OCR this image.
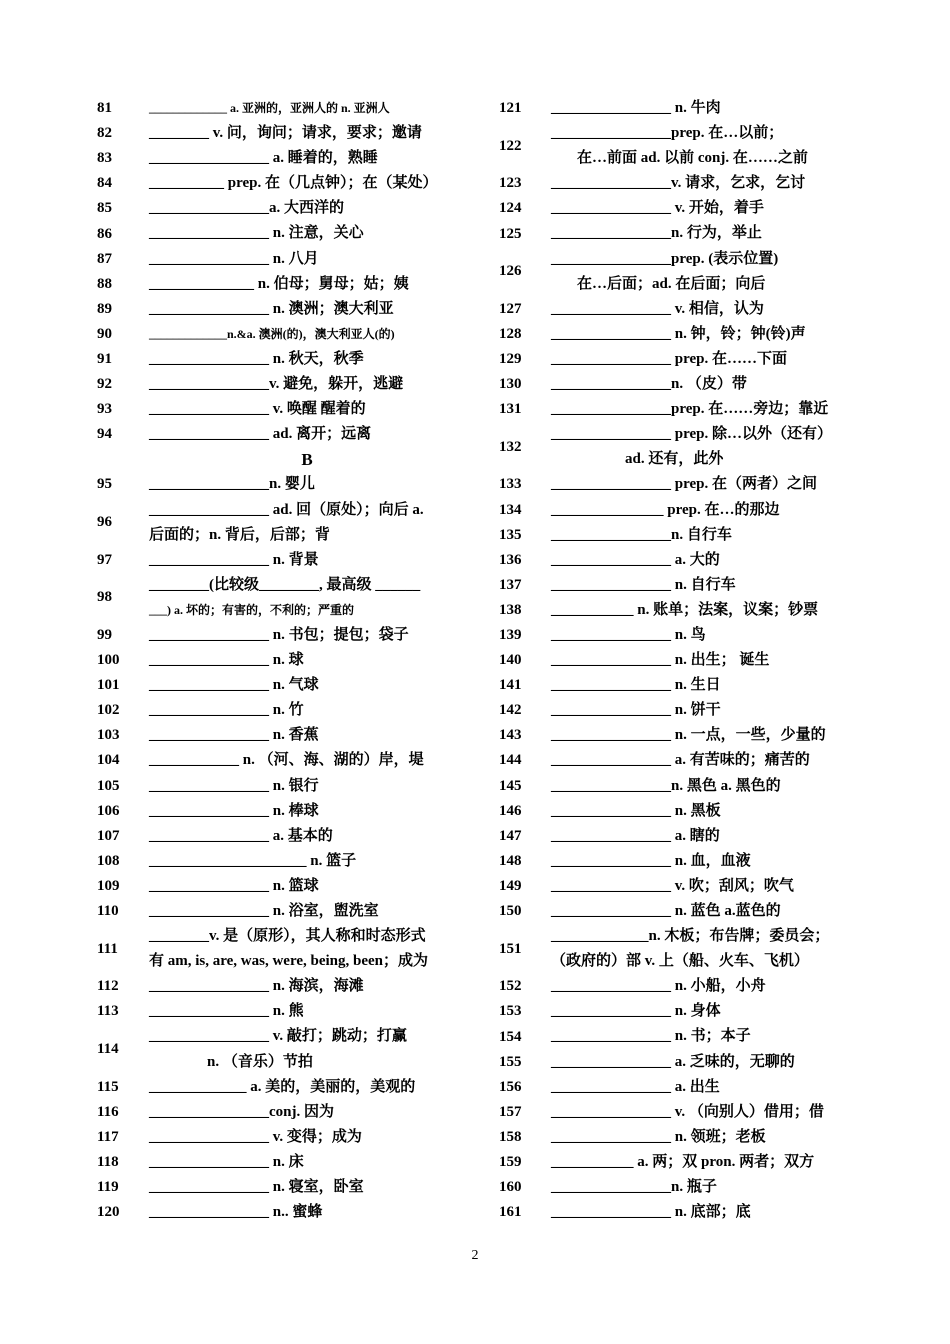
81	_____________ a. 亚洲的，亚洲人的 n. 亚洲人
82	________ v. 问，询问；请求，要求；邀请
83	________________ a. 睡着的，熟睡
84	__________ prep. 在（几点钟）；在（某处）
85	________________a. 大西洋的
86	________________ n. 注意，关心
87	________________ n. 八月
88	______________ n. 伯母；舅母；姑；姨
89	________________ n. 澳洲；澳大利亚
90	_____________n.&a. 澳洲(的)，澳大利亚人(的)
91	________________ n. 秋天，秋季
92	________________v. 避免，躲开，逃避
93	________________ v. 唤醒 醒着的
94	________________ ad. 离开；远离
B
95	________________n. 婴儿
96
________________ ad. 回（原处）；向后 a.
后面的；n. 背后，后部；背
97	________________ n. 背景
98
________(比较级________, 最高级 ______
___) a. 坏的；有害的，不利的；严重的
99	________________ n. 书包；提包；袋子
100	________________ n. 球
101	________________ n. 气球
102	________________ n. 竹
103	________________ n. 香蕉
104	____________ n. （河、海、湖的）岸，堤
105	________________ n. 银行
106	________________ n. 棒球
107	________________ a. 基本的
108	_____________________ n. 篮子
109	________________ n. 篮球
110	________________ n. 浴室，盥洗室
111
________v. 是（原形），其人称和时态形式
有 am, is, are, was, were, being, been；成为
112	________________ n. 海滨，海滩
113	________________ n. 熊
114
________________ v. 敲打；跳动；打赢
n. （音乐）节拍
115	_____________ a. 美的，美丽的，美观的
116	________________conj. 因为
117	________________ v. 变得；成为
118	________________ n. 床
119	________________ n. 寝室，卧室
120	________________ n.. 蜜蜂
121	________________ n. 牛肉
122
________________prep. 在…以前；
在…前面 ad. 以前 conj. 在……之前
123	________________v. 请求，乞求，乞讨
124	________________ v. 开始，着手
125	________________n. 行为，举止
126
________________prep. (表示位置)
在…后面；ad. 在后面；向后
127	________________ v. 相信，认为
128	________________ n. 钟，铃；钟(铃)声
129	________________ prep. 在……下面
130	________________n. （皮）带
131	________________prep. 在……旁边；靠近
132
________________ prep. 除…以外（还有）
ad. 还有，此外
133	________________ prep. 在（两者）之间
134	_______________ prep. 在…的那边
135	________________n. 自行车
136	________________ a. 大的
137	________________ n. 自行车
138	___________ n. 账单；法案，议案；钞票
139	________________ n. 鸟
140	________________ n. 出生； 诞生
141	________________ n. 生日
142	________________ n. 饼干
143	________________ n. 一点，一些，少量的
144	________________ a. 有苦味的；痛苦的
145	________________n. 黑色 a. 黑色的
146	________________ n. 黑板
147	________________ a. 瞎的
148	________________ n. 血，血液
149	________________ v. 吹；刮风；吹气
150	________________ n. 蓝色 a.蓝色的
151
_____________n. 木板；布告牌；委员会；
（政府的）部 v. 上（船、火车、飞机）
152	________________ n. 小船，小舟
153	________________ n. 身体
154	________________ n. 书；本子
155	________________ a. 乏味的，无聊的
156	________________ a. 出生
157	________________ v. （向别人）借用；借
158	________________ n. 领班；老板
159	___________ a. 两；双 pron. 两者；双方
160	________________n. 瓶子
161	________________ n. 底部；底
2
